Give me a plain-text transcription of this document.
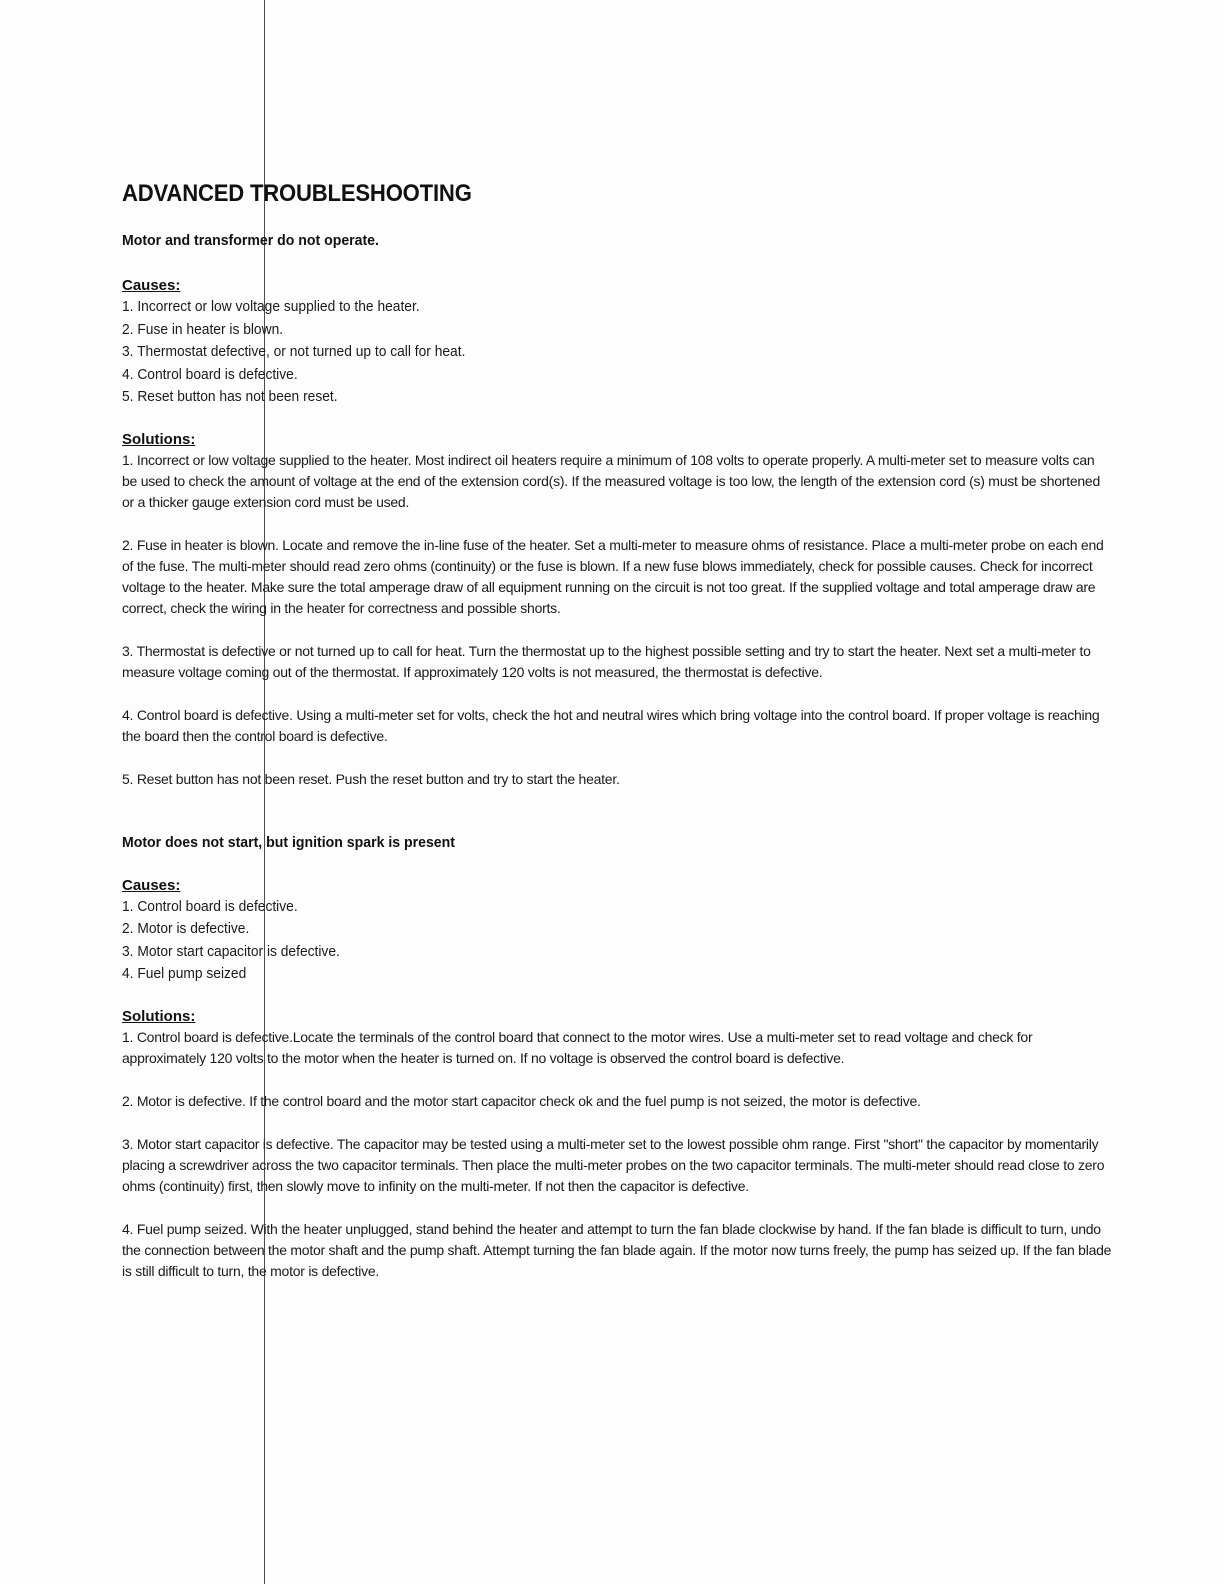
ADVANCED TROUBLESHOOTING

Motor and transformer do not operate.

Causes:

1. Incorrect or low voltage supplied to the heater.
2. Fuse in heater is blown.
3. Thermostat defective, or not turned up to call for heat.
4. Control board is defective.
5. Reset button has not been reset.

Solutions:

1. Incorrect or low voltage supplied to the heater. Most indirect oil heaters require a minimum of 108 volts to operate properly. A multi-meter set to measure volts can be used to check the amount of voltage at the end of the extension cord(s). If the measured voltage is too low, the length of the extension cord (s) must be shortened or a thicker gauge extension cord must be used.

2. Fuse in heater is blown. Locate and remove the in-line fuse of the heater. Set a multi-meter to measure ohms of resistance. Place a multi-meter probe on each end of the fuse. The multi-meter should read zero ohms (continuity) or the fuse is blown. If a new fuse blows immediately, check for possible causes. Check for incorrect voltage to the heater. Make sure the total amperage draw of all equipment running on the circuit is not too great. If the supplied voltage and total amperage draw are correct, check the wiring in the heater for correctness and possible shorts.

3. Thermostat is defective or not turned up to call for heat. Turn the thermostat up to the highest possible setting and try to start the heater. Next set a multi-meter to measure voltage coming out of the thermostat. If approximately 120 volts is not measured, the thermostat is defective.

4. Control board is defective. Using a multi-meter set for volts, check the hot and neutral wires which bring voltage into the control board. If proper voltage is reaching the board then the control board is defective.

5. Reset button has not been reset. Push the reset button and try to start the heater.

Motor does not start, but ignition spark is present

Causes:

1. Control board is defective.
2. Motor is defective.
3. Motor start capacitor is defective.
4. Fuel pump seized

Solutions:

1. Control board is defective.Locate the terminals of the control board that connect to the motor wires. Use a multi-meter set to read voltage and check for approximately 120 volts to the motor when the heater is turned on. If no voltage is observed the control board is defective.

2. Motor is defective. If the control board and the motor start capacitor check ok and the fuel pump is not seized, the motor is defective.

3. Motor start capacitor is defective. The capacitor may be tested using a multi-meter set to the lowest possible ohm range. First "short" the capacitor by momentarily placing a screwdriver across the two capacitor terminals. Then place the multi-meter probes on the two capacitor terminals. The multi-meter should read close to zero ohms (continuity) first, then slowly move to infinity on the multi-meter. If not then the capacitor is defective.

4. Fuel pump seized. With the heater unplugged, stand behind the heater and attempt to turn the fan blade clockwise by hand. If the fan blade is difficult to turn, undo the connection between the motor shaft and the pump shaft. Attempt turning the fan blade again. If the motor now turns freely, the pump has seized up. If the fan blade is still difficult to turn, the motor is defective.
